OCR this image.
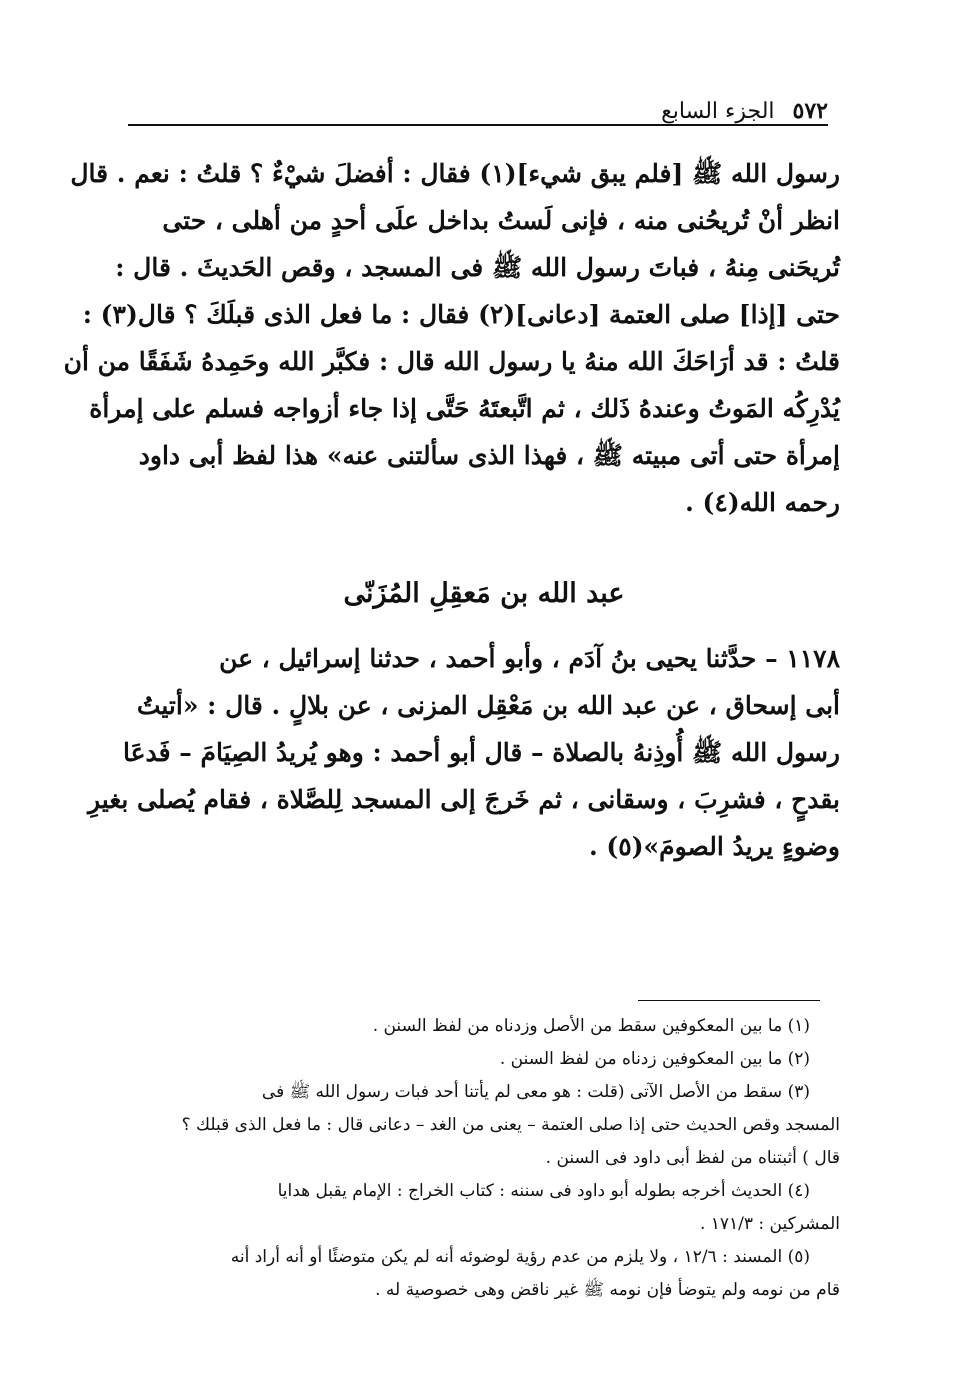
٥٧٢
الجزء السابع
رسول الله ﷺ [فلم يبق شيء](١) فقال : أفضلَ شيْءٌ ؟ قلتُ : نعم . قال
انظر أنْ تُريحُنى منه ، فإنى لَستُ بداخل علَى أحدٍ من أهلى ، حتى
تُريحَنى مِنهُ ، فباتَ رسول الله ﷺ فى المسجد ، وقص الحَديثَ . قال :
حتى [إذا] صلى العتمة [دعانى](٢) فقال : ما فعل الذى قبلَكَ ؟ قال(٣) :
قلتُ : قد أرَاحَكَ الله منهُ يا رسول الله قال : فكبَّر الله وحَمِدهُ شَفَقًا من أن
يُدْرِكُه المَوتُ وعندهُ ذَلك ، ثم اتَّبعتَهُ حَتَّى إذا جاء أزواجه فسلم على إمرأة
إمرأة حتى أتى مبيته ﷺ ، فهذا الذى سألتنى عنه» هذا لفظ أبى داود
رحمه الله(٤) .
عبد الله بن مَعقِلِ المُزَنّى
١١٧٨ – حدَّثنا يحيى بنُ آدَم ، وأبو أحمد ، حدثنا إسرائيل ، عن
أبى إسحاق ، عن عبد الله بن مَعْقِل المزنى ، عن بلالٍ . قال : «أتيتُ
رسول الله ﷺ أُوذِنهُ بالصلاة – قال أبو أحمد : وهو يُريدُ الصِيَامَ – فَدعَا
بقدحٍ ، فشرِبَ ، وسقانى ، ثم خَرجَ إلى المسجد لِلصَّلاة ، فقام يُصلى بغيرِ
وضوءٍ يريدُ الصومَ»(٥) .
(١) ما بين المعكوفين سقط من الأصل وزدناه من لفظ السنن .
(٢) ما بين المعكوفين زدناه من لفظ السنن .
(٣) سقط من الأصل الآتى (قلت : هو معى لم يأتنا أحد فبات رسول الله ﷺ فى
المسجد وقص الحديث حتى إذا صلى العتمة – يعنى من الغد – دعانى قال : ما فعل الذى قبلك ؟
قال ) أثبتناه من لفظ أبى داود فى السنن .
(٤) الحديث أخرجه بطوله أبو داود فى سننه : كتاب الخراج : الإمام يقبل هدايا
المشركين : ١٧١/٣ .
(٥) المسند : ١٢/٦ ، ولا يلزم من عدم رؤية لوضوئه أنه لم يكن متوضئًا أو أنه أراد أنه
قام من نومه ولم يتوضأ فإن نومه ﷺ غير ناقض وهى خصوصية له .
